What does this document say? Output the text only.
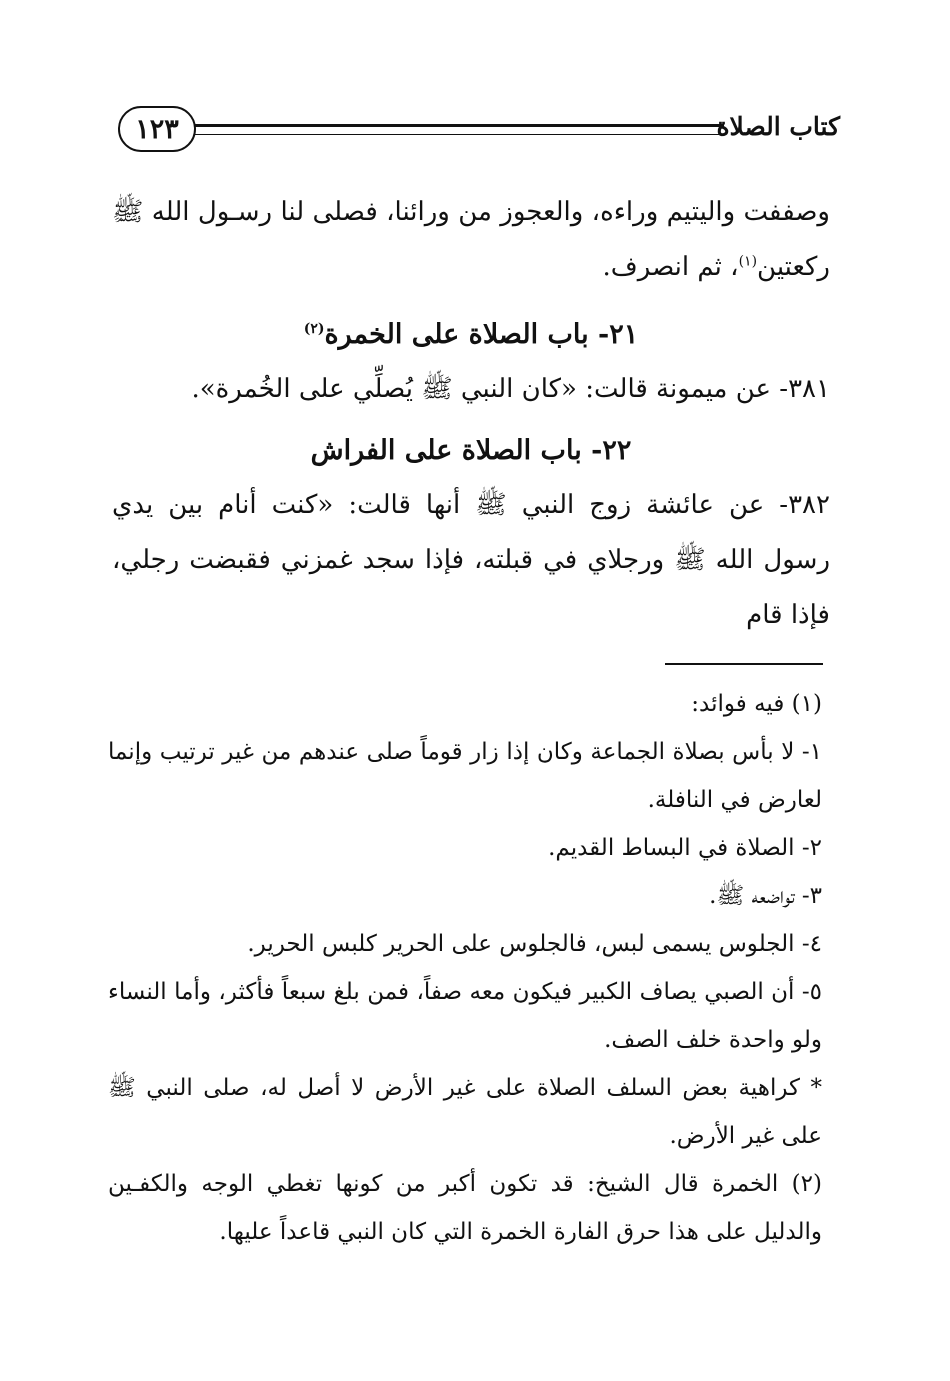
١٢٣	كتاب الصلاة

وصففت واليتيم وراءه، والعجوز من ورائنا، فصلى لنا رسـول الله ﷺ ركعتين$^{(١)}$، ثم انصرف.

٢١- باب الصلاة على الخمرة$^{(٢)}$

٣٨١- عن ميمونة قالت: «كان النبي ﷺ يُصلِّي على الخُمرة».

٢٢- باب الصلاة على الفراش

٣٨٢- عن عائشة زوج النبي ﷺ أنها قالت: «كنت أنام بين يدي رسول الله ﷺ ورجلاي في قبلته، فإذا سجد غمزني فقبضت رجلي، فإذا قام

(١) فيه فوائد:

١- لا بأس بصلاة الجماعة وكان إذا زار قوماً صلى عندهم من غير ترتيب وإنما لعارض في النافلة.

٢- الصلاة في البساط القديم.

٣- تواضعه ﷺ.

٤- الجلوس يسمى لبس، فالجلوس على الحرير كلبس الحرير.

٥- أن الصبي يصاف الكبير فيكون معه صفاً، فمن بلغ سبعاً فأكثر، وأما النساء ولو واحدة خلف الصف.

* كراهية بعض السلف الصلاة على غير الأرض لا أصل له، صلى النبي ﷺ على غير الأرض.

(٢) الخمرة قال الشيخ: قد تكون أكبر من كونها تغطي الوجه والكفـين والدليل على هذا حرق الفارة الخمرة التي كان النبي قاعداً عليها.
